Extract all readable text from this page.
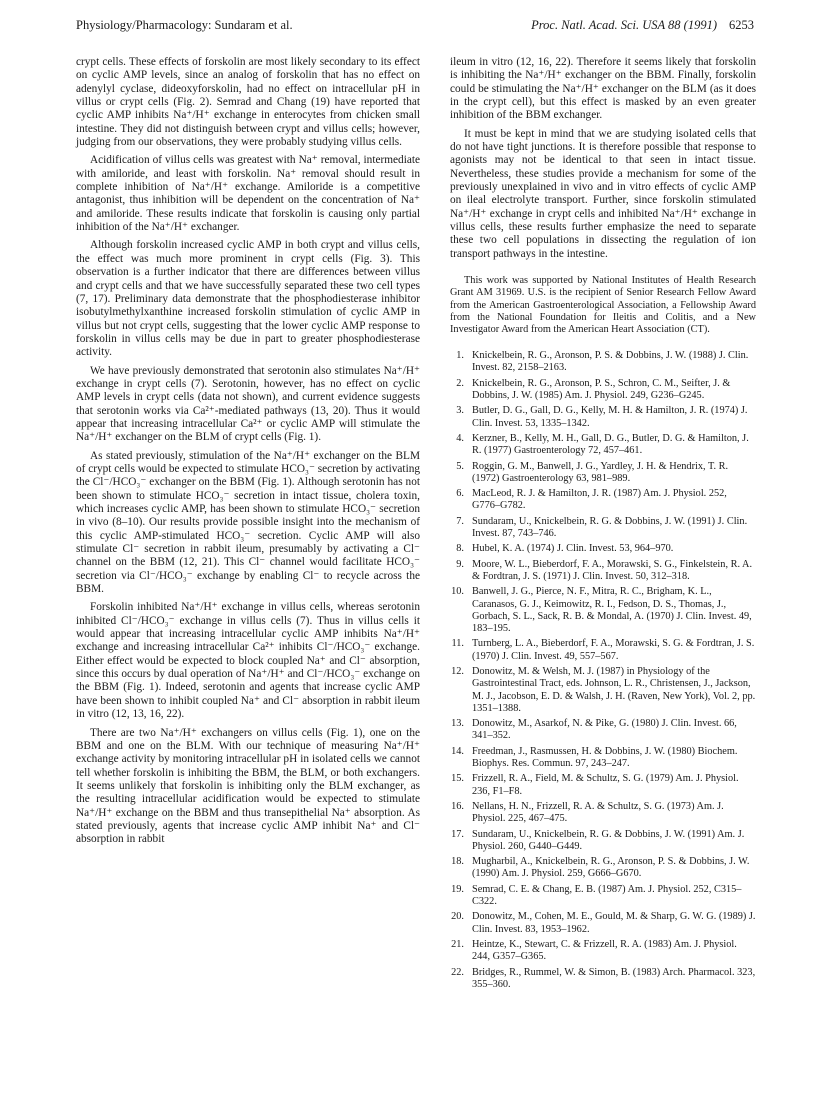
Physiology/Pharmacology: Sundaram et al.	Proc. Natl. Acad. Sci. USA 88 (1991) 6253

crypt cells. These effects of forskolin are most likely secondary to its effect on cyclic AMP levels, since an analog of forskolin that has no effect on adenylyl cyclase, dideoxyforskolin, had no effect on intracellular pH in villus or crypt cells (Fig. 2). Semrad and Chang (19) have reported that cyclic AMP inhibits Na⁺/H⁺ exchange in enterocytes from chicken small intestine. They did not distinguish between crypt and villus cells; however, judging from our observations, they were probably studying villus cells.

Acidification of villus cells was greatest with Na⁺ removal, intermediate with amiloride, and least with forskolin. Na⁺ removal should result in complete inhibition of Na⁺/H⁺ exchange. Amiloride is a competitive antagonist, thus inhibition will be dependent on the concentration of Na⁺ and amiloride. These results indicate that forskolin is causing only partial inhibition of the Na⁺/H⁺ exchanger.

Although forskolin increased cyclic AMP in both crypt and villus cells, the effect was much more prominent in crypt cells (Fig. 3). This observation is a further indicator that there are differences between villus and crypt cells and that we have successfully separated these two cell types (7, 17). Preliminary data demonstrate that the phosphodiesterase inhibitor isobutylmethylxanthine increased forskolin stimulation of cyclic AMP in villus but not crypt cells, suggesting that the lower cyclic AMP response to forskolin in villus cells may be due in part to greater phosphodiesterase activity.

We have previously demonstrated that serotonin also stimulates Na⁺/H⁺ exchange in crypt cells (7). Serotonin, however, has no effect on cyclic AMP levels in crypt cells (data not shown), and current evidence suggests that serotonin works via Ca²⁺-mediated pathways (13, 20). Thus it would appear that increasing intracellular Ca²⁺ or cyclic AMP will stimulate the Na⁺/H⁺ exchanger on the BLM of crypt cells (Fig. 1).

As stated previously, stimulation of the Na⁺/H⁺ exchanger on the BLM of crypt cells would be expected to stimulate HCO₃⁻ secretion by activating the Cl⁻/HCO₃⁻ exchanger on the BBM (Fig. 1). Although serotonin has not been shown to stimulate HCO₃⁻ secretion in intact tissue, cholera toxin, which increases cyclic AMP, has been shown to stimulate HCO₃⁻ secretion in vivo (8–10). Our results provide possible insight into the mechanism of this cyclic AMP-stimulated HCO₃⁻ secretion. Cyclic AMP will also stimulate Cl⁻ secretion in rabbit ileum, presumably by activating a Cl⁻ channel on the BBM (12, 21). This Cl⁻ channel would facilitate HCO₃⁻ secretion via Cl⁻/HCO₃⁻ exchange by enabling Cl⁻ to recycle across the BBM.

Forskolin inhibited Na⁺/H⁺ exchange in villus cells, whereas serotonin inhibited Cl⁻/HCO₃⁻ exchange in villus cells (7). Thus in villus cells it would appear that increasing intracellular cyclic AMP inhibits Na⁺/H⁺ exchange and increasing intracellular Ca²⁺ inhibits Cl⁻/HCO₃⁻ exchange. Either effect would be expected to block coupled Na⁺ and Cl⁻ absorption, since this occurs by dual operation of Na⁺/H⁺ and Cl⁻/HCO₃⁻ exchange on the BBM (Fig. 1). Indeed, serotonin and agents that increase cyclic AMP have been shown to inhibit coupled Na⁺ and Cl⁻ absorption in rabbit ileum in vitro (12, 13, 16, 22).

There are two Na⁺/H⁺ exchangers on villus cells (Fig. 1), one on the BBM and one on the BLM. With our technique of measuring Na⁺/H⁺ exchange activity by monitoring intracellular pH in isolated cells we cannot tell whether forskolin is inhibiting the BBM, the BLM, or both exchangers. It seems unlikely that forskolin is inhibiting only the BLM exchanger, as the resulting intracellular acidification would be expected to stimulate Na⁺/H⁺ exchange on the BBM and thus transepithelial Na⁺ absorption. As stated previously, agents that increase cyclic AMP inhibit Na⁺ and Cl⁻ absorption in rabbit

ileum in vitro (12, 16, 22). Therefore it seems likely that forskolin is inhibiting the Na⁺/H⁺ exchanger on the BBM. Finally, forskolin could be stimulating the Na⁺/H⁺ exchanger on the BLM (as it does in the crypt cell), but this effect is masked by an even greater inhibition of the BBM exchanger.

It must be kept in mind that we are studying isolated cells that do not have tight junctions. It is therefore possible that response to agonists may not be identical to that seen in intact tissue. Nevertheless, these studies provide a mechanism for some of the previously unexplained in vivo and in vitro effects of cyclic AMP on ileal electrolyte transport. Further, since forskolin stimulated Na⁺/H⁺ exchange in crypt cells and inhibited Na⁺/H⁺ exchange in villus cells, these results further emphasize the need to separate these two cell populations in dissecting the regulation of ion transport pathways in the intestine.

This work was supported by National Institutes of Health Research Grant AM 31969. U.S. is the recipient of Senior Research Fellow Award from the American Gastroenterological Association, a Fellowship Award from the National Foundation for Ileitis and Colitis, and a New Investigator Award from the American Heart Association (CT).

1. Knickelbein, R. G., Aronson, P. S. & Dobbins, J. W. (1988) J. Clin. Invest. 82, 2158–2163.
2. Knickelbein, R. G., Aronson, P. S., Schron, C. M., Seifter, J. & Dobbins, J. W. (1985) Am. J. Physiol. 249, G236–G245.
3. Butler, D. G., Gall, D. G., Kelly, M. H. & Hamilton, J. R. (1974) J. Clin. Invest. 53, 1335–1342.
4. Kerzner, B., Kelly, M. H., Gall, D. G., Butler, D. G. & Hamilton, J. R. (1977) Gastroenterology 72, 457–461.
5. Roggin, G. M., Banwell, J. G., Yardley, J. H. & Hendrix, T. R. (1972) Gastroenterology 63, 981–989.
6. MacLeod, R. J. & Hamilton, J. R. (1987) Am. J. Physiol. 252, G776–G782.
7. Sundaram, U., Knickelbein, R. G. & Dobbins, J. W. (1991) J. Clin. Invest. 87, 743–746.
8. Hubel, K. A. (1974) J. Clin. Invest. 53, 964–970.
9. Moore, W. L., Bieberdorf, F. A., Morawski, S. G., Finkelstein, R. A. & Fordtran, J. S. (1971) J. Clin. Invest. 50, 312–318.
10. Banwell, J. G., Pierce, N. F., Mitra, R. C., Brigham, K. L., Caranasos, G. J., Keimowitz, R. I., Fedson, D. S., Thomas, J., Gorbach, S. L., Sack, R. B. & Mondal, A. (1970) J. Clin. Invest. 49, 183–195.
11. Turnberg, L. A., Bieberdorf, F. A., Morawski, S. G. & Fordtran, J. S. (1970) J. Clin. Invest. 49, 557–567.
12. Donowitz, M. & Welsh, M. J. (1987) in Physiology of the Gastrointestinal Tract, eds. Johnson, L. R., Christensen, J., Jackson, M. J., Jacobson, E. D. & Walsh, J. H. (Raven, New York), Vol. 2, pp. 1351–1388.
13. Donowitz, M., Asarkof, N. & Pike, G. (1980) J. Clin. Invest. 66, 341–352.
14. Freedman, J., Rasmussen, H. & Dobbins, J. W. (1980) Biochem. Biophys. Res. Commun. 97, 243–247.
15. Frizzell, R. A., Field, M. & Schultz, S. G. (1979) Am. J. Physiol. 236, F1–F8.
16. Nellans, H. N., Frizzell, R. A. & Schultz, S. G. (1973) Am. J. Physiol. 225, 467–475.
17. Sundaram, U., Knickelbein, R. G. & Dobbins, J. W. (1991) Am. J. Physiol. 260, G440–G449.
18. Mugharbil, A., Knickelbein, R. G., Aronson, P. S. & Dobbins, J. W. (1990) Am. J. Physiol. 259, G666–G670.
19. Semrad, C. E. & Chang, E. B. (1987) Am. J. Physiol. 252, C315–C322.
20. Donowitz, M., Cohen, M. E., Gould, M. & Sharp, G. W. G. (1989) J. Clin. Invest. 83, 1953–1962.
21. Heintze, K., Stewart, C. & Frizzell, R. A. (1983) Am. J. Physiol. 244, G357–G365.
22. Bridges, R., Rummel, W. & Simon, B. (1983) Arch. Pharmacol. 323, 355–360.
